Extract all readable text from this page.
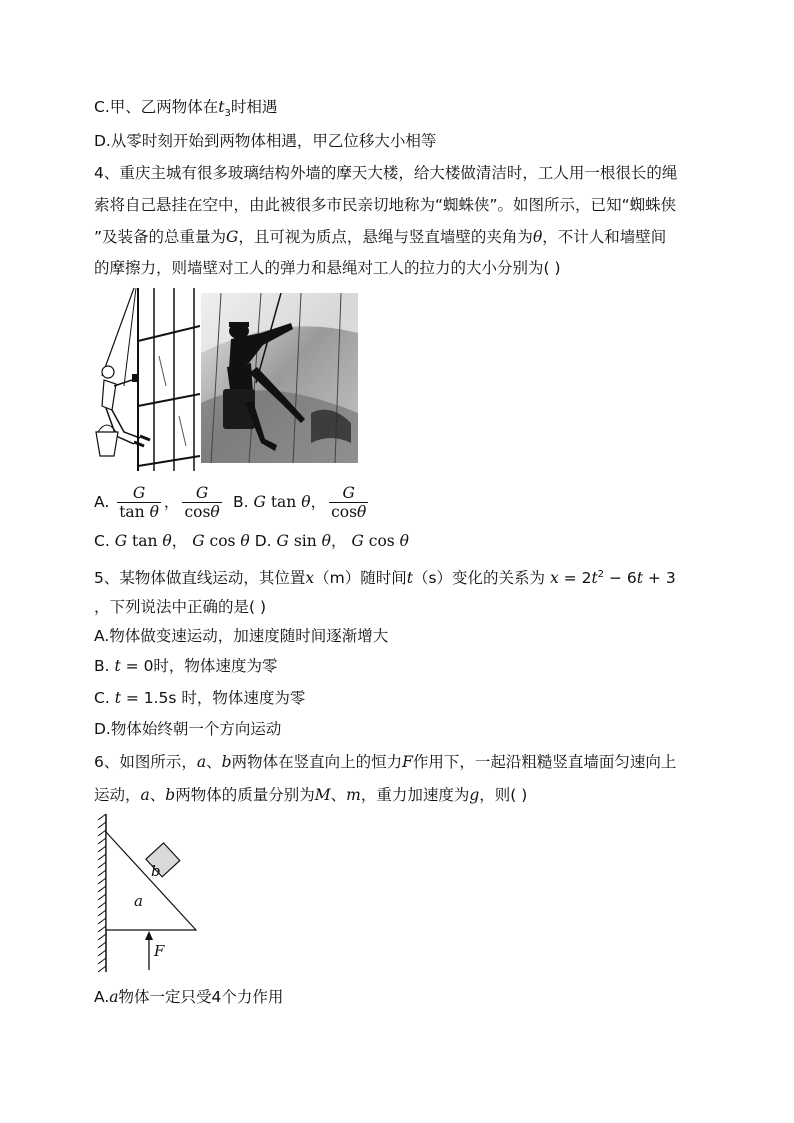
C.甲、乙两物体在$t_3$时相遇
D.从零时刻开始到两物体相遇，甲乙位移大小相等
4、重庆主城有很多玻璃结构外墙的摩天大楼，给大楼做清洁时，工人用一根很长的绳
索将自己悬挂在空中，由此被很多市民亲切地称为“蜘蛛侠”。如图所示，已知“蜘蛛侠
”及装备的总重量为G，且可视为质点，悬绳与竖直墙壁的夹角为θ，不计人和墙壁间
的摩擦力，则墙壁对工人的弹力和悬绳对工人的拉力的大小分别为( )
A. $\frac{G}{\text{tan θ}}$ ， $\frac{G}{\cos\theta} B$. G tan θ， $\frac{G}{\cos\theta}$
C. G tan θ， G cos θ D. G sin θ， G cos θ
5、某物体做直线运动，其位置x（m）随时间t（s）变化的关系为 $x = 2t^2 - 6t + 3$
，下列说法中正确的是( )
A.物体做变速运动，加速度随时间逐渐增大
B. t = 0时，物体速度为零
C. t = 1.5s 时，物体速度为零
D.物体始终朝一个方向运动
6、如图所示，a、b两物体在竖直向上的恒力F作用下，一起沿粗糙竖直墙面匀速向上
运动，a、b两物体的质量分别为M、m，重力加速度为g，则( )
b
a
F
A.a物体一定只受4个力作用
